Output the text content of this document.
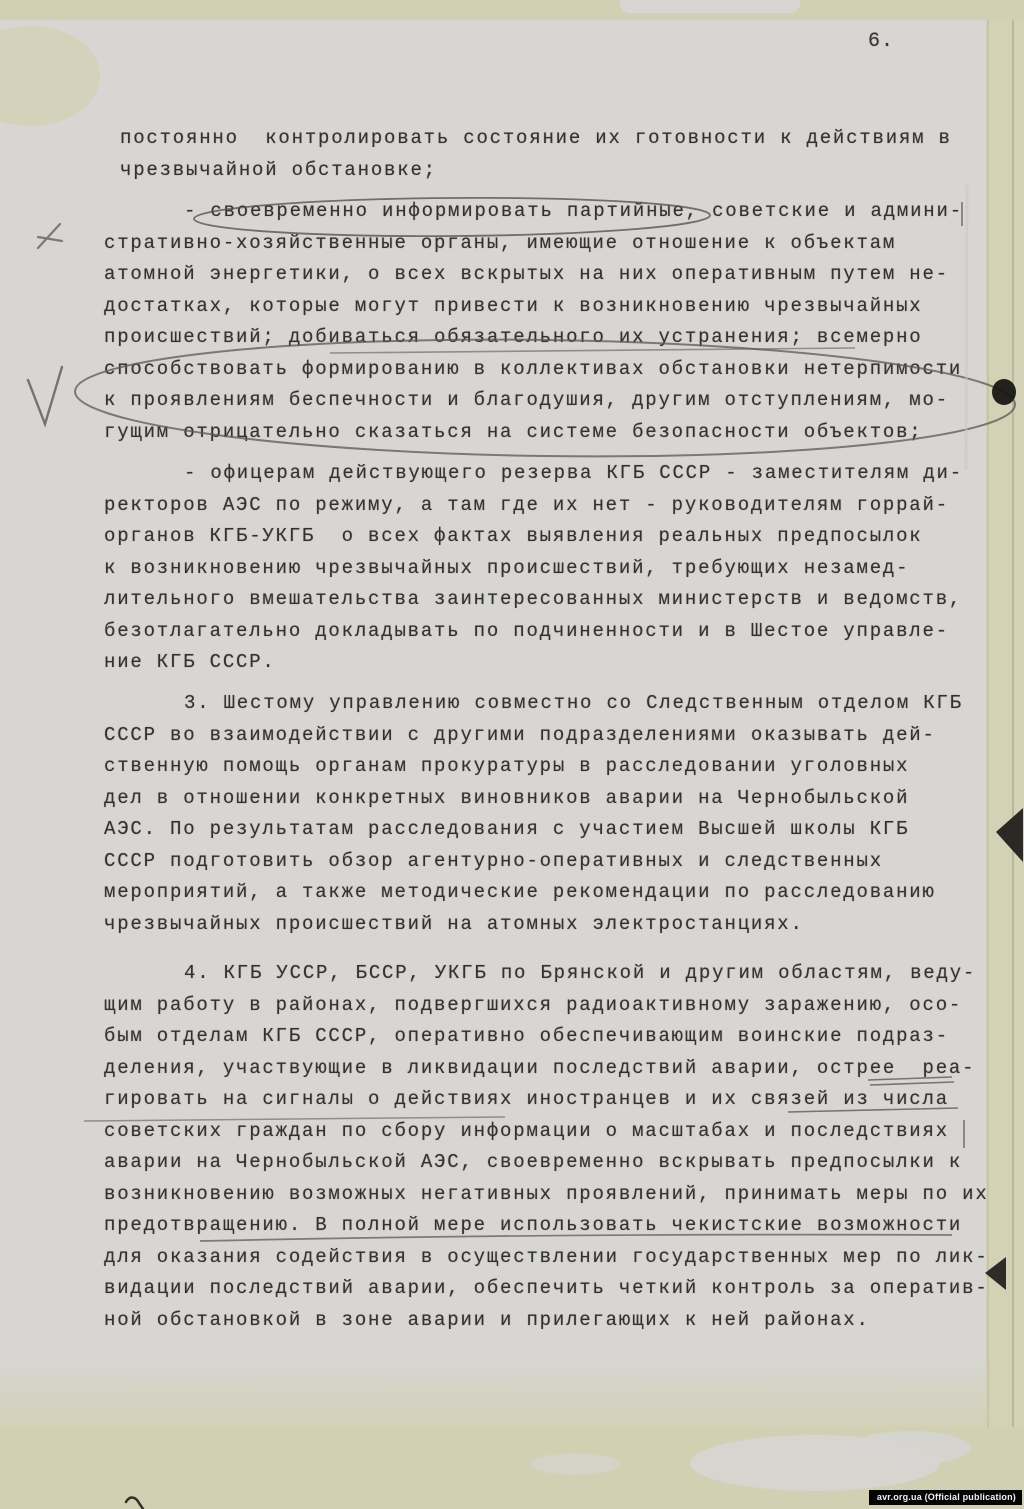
6.
постоянно  контролировать состояние их готовности к действиям в
чрезвычайной обстановке;
- своевременно информировать партийные, советские и админи-
стративно-хозяйственные органы, имеющие отношение к объектам
атомной энергетики, о всех вскрытых на них оперативным путем не-
достатках, которые могут привести к возникновению чрезвычайных
происшествий; добиваться обязательного их устранения; всемерно
способствовать формированию в коллективах обстановки нетерпимости
к проявлениям беспечности и благодушия, другим отступлениям, мо-
гущим отрицательно сказаться на системе безопасности объектов;
- офицерам действующего резерва КГБ СССР - заместителям ди-
ректоров АЭС по режиму, а там где их нет - руководителям горрай-
органов КГБ-УКГБ  о всех фактах выявления реальных предпосылок
к возникновению чрезвычайных происшествий, требующих незамед-
лительного вмешательства заинтересованных министерств и ведомств,
безотлагательно докладывать по подчиненности и в Шестое управле-
ние КГБ СССР.
3. Шестому управлению совместно со Следственным отделом КГБ
СССР во взаимодействии с другими подразделениями оказывать дей-
ственную помощь органам прокуратуры в расследовании уголовных
дел в отношении конкретных виновников аварии на Чернобыльской
АЭС. По результатам расследования с участием Высшей школы КГБ
СССР подготовить обзор агентурно-оперативных и следственных
мероприятий, а также методические рекомендации по расследованию
чрезвычайных происшествий на атомных электростанциях.
4. КГБ УССР, БССР, УКГБ по Брянской и другим областям, веду-
щим работу в районах, подвергшихся радиоактивному заражению, осо-
бым отделам КГБ СССР, оперативно обеспечивающим воинские подраз-
деления, участвующие в ликвидации последствий аварии, острее  реа-
гировать на сигналы о действиях иностранцев и их связей из числа
советских граждан по сбору информации о масштабах и последствиях
аварии на Чернобыльской АЭС, своевременно вскрывать предпосылки к
возникновению возможных негативных проявлений, принимать меры по их
предотвращению. В полной мере использовать чекистские возможности
для оказания содействия в осуществлении государственных мер по лик-
видации последствий аварии, обеспечить четкий контроль за оператив-
ной обстановкой в зоне аварии и прилегающих к ней районах.
avr.org.ua (Official publication)
